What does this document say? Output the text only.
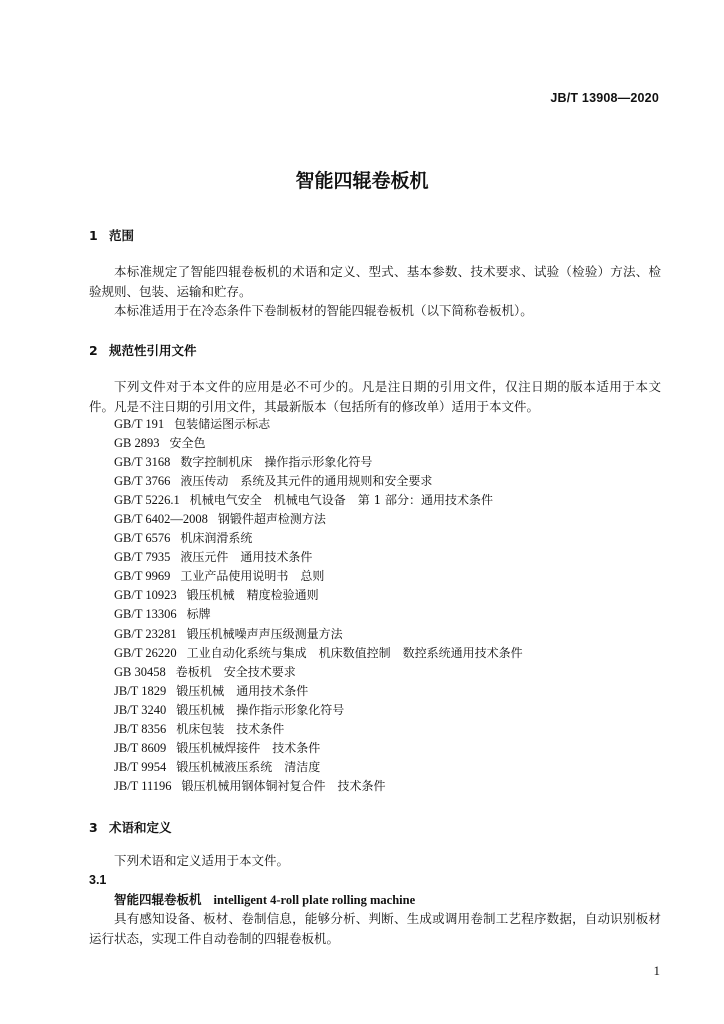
JB/T 13908—2020
智能四辊卷板机
1 范围
本标准规定了智能四辊卷板机的术语和定义、型式、基本参数、技术要求、试验（检验）方法、检验规则、包装、运输和贮存。
本标准适用于在冷态条件下卷制板材的智能四辊卷板机（以下简称卷板机）。
2 规范性引用文件
下列文件对于本文件的应用是必不可少的。凡是注日期的引用文件，仅注日期的版本适用于本文件。凡是不注日期的引用文件，其最新版本（包括所有的修改单）适用于本文件。
GB/T 191 包装储运图示标志
GB 2893 安全色
GB/T 3168 数字控制机床　操作指示形象化符号
GB/T 3766 液压传动　系统及其元件的通用规则和安全要求
GB/T 5226.1 机械电气安全　机械电气设备　第 1 部分：通用技术条件
GB/T 6402—2008 钢锻件超声检测方法
GB/T 6576 机床润滑系统
GB/T 7935 液压元件　通用技术条件
GB/T 9969 工业产品使用说明书　总则
GB/T 10923 锻压机械　精度检验通则
GB/T 13306 标牌
GB/T 23281 锻压机械噪声声压级测量方法
GB/T 26220 工业自动化系统与集成　机床数值控制　数控系统通用技术条件
GB 30458 卷板机　安全技术要求
JB/T 1829 锻压机械　通用技术条件
JB/T 3240 锻压机械　操作指示形象化符号
JB/T 8356 机床包装　技术条件
JB/T 8609 锻压机械焊接件　技术条件
JB/T 9954 锻压机械液压系统　清洁度
JB/T 11196 锻压机械用钢体铜衬复合件　技术条件
3 术语和定义
下列术语和定义适用于本文件。
3.1
智能四辊卷板机 intelligent 4-roll plate rolling machine
具有感知设备、板材、卷制信息，能够分析、判断、生成或调用卷制工艺程序数据，自动识别板材运行状态，实现工件自动卷制的四辊卷板机。
1
